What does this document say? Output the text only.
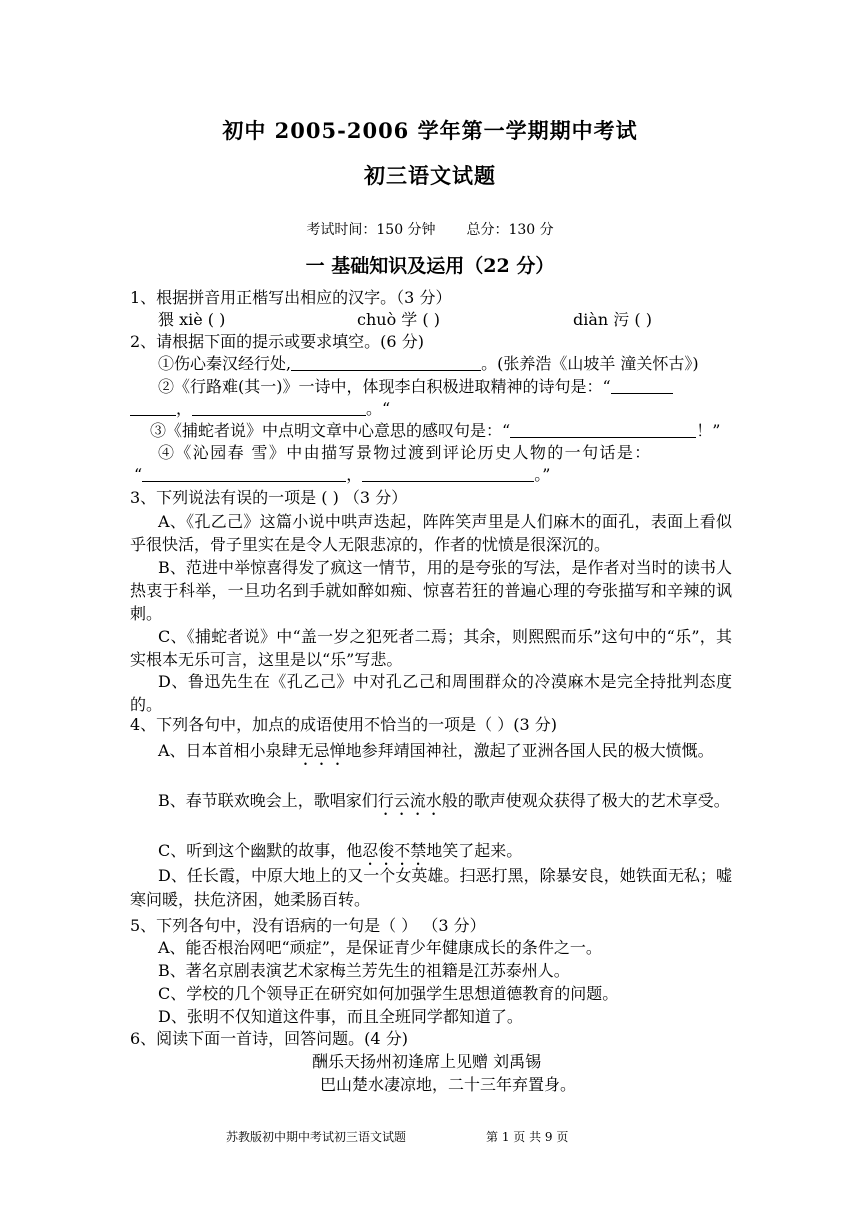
初中 2005-2006 学年第一学期期中考试
初三语文试题
考试时间：150 分钟 总分：130 分
一 基础知识及运用（22 分）
1、根据拼音用正楷写出相应的汉字。（3 分）
猥 xiè ( )	chuò 学 ( )	diàn 污 ( )
2、请根据下面的提示或要求填空。(6 分)
①伤心秦汉经行处,	。(张养浩《山坡羊 潼关怀古》)
②《行路难(其一)》一诗中，体现李白积极进取精神的诗句是：“
，	。“
③《捕蛇者说》中点明文章中心意思的感叹句是：“	！”
④《沁园春 雪》中由描写景物过渡到评论历史人物的一句话是：
“	，	。”
3、下列说法有误的一项是 ( ) （3 分）
A、《孔乙己》这篇小说中哄声迭起，阵阵笑声里是人们麻木的面孔，表面上看似乎很快活，骨子里实在是令人无限悲凉的，作者的忧愤是很深沉的。
B、范进中举惊喜得发了疯这一情节，用的是夸张的写法，是作者对当时的读书人热衷于科举，一旦功名到手就如醉如痴、惊喜若狂的普遍心理的夸张描写和辛辣的讽刺。
C、《捕蛇者说》中“盖一岁之犯死者二焉；其余，则熙熙而乐”这句中的“乐”，其实根本无乐可言，这里是以“乐”写悲。
D、鲁迅先生在《孔乙己》中对孔乙己和周围群众的冷漠麻木是完全持批判态度的。
4、下列各句中，加点的成语使用不恰当的一项是（ ）(3 分)
A、日本首相小泉肆无忌惮地参拜靖国神社，激起了亚洲各国人民的极大愤慨。
B、春节联欢晚会上，歌唱家们行云流水般的歌声使观众获得了极大的艺术享受。
C、听到这个幽默的故事，他忍俊不禁地笑了起来。
D、任长霞，中原大地上的又一个女英雄。扫恶打黑，除暴安良，她铁面无私；嘘寒问暖，扶危济困，她柔肠百转。
5、下列各句中，没有语病的一句是（ ） （3 分）
A、能否根治网吧“顽症”，是保证青少年健康成长的条件之一。
B、著名京剧表演艺术家梅兰芳先生的祖籍是江苏泰州人。
C、学校的几个领导正在研究如何加强学生思想道德教育的问题。
D、张明不仅知道这件事，而且全班同学都知道了。
6、阅读下面一首诗，回答问题。(4 分)
酬乐天扬州初逢席上见赠 刘禹锡
巴山楚水凄凉地，二十三年弃置身。
苏教版初中期中考试初三语文试题	第 1 页 共 9 页
